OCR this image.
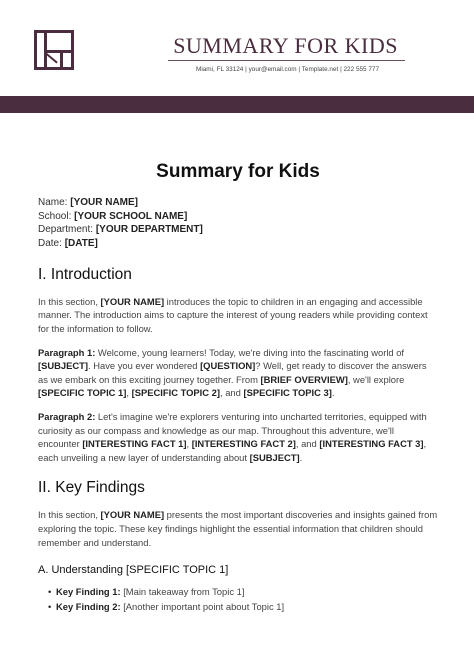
SUMMARY FOR KIDS
Miami, FL 33124 | your@email.com | Template.net | 222 555 777
Summary for Kids
Name: [YOUR NAME]
School: [YOUR SCHOOL NAME]
Department: [YOUR DEPARTMENT]
Date: [DATE]
I. Introduction

In this section, [YOUR NAME] introduces the topic to children in an engaging and accessible manner. The introduction aims to capture the interest of young readers while providing context for the information to follow.

Paragraph 1: Welcome, young learners! Today, we're diving into the fascinating world of [SUBJECT]. Have you ever wondered [QUESTION]? Well, get ready to discover the answers as we embark on this exciting journey together. From [BRIEF OVERVIEW], we'll explore [SPECIFIC TOPIC 1], [SPECIFIC TOPIC 2], and [SPECIFIC TOPIC 3].

Paragraph 2: Let's imagine we're explorers venturing into uncharted territories, equipped with curiosity as our compass and knowledge as our map. Throughout this adventure, we'll encounter [INTERESTING FACT 1], [INTERESTING FACT 2], and [INTERESTING FACT 3], each unveiling a new layer of understanding about [SUBJECT].

II. Key Findings

In this section, [YOUR NAME] presents the most important discoveries and insights gained from exploring the topic. These key findings highlight the essential information that children should remember and understand.

A. Understanding [SPECIFIC TOPIC 1]
• Key Finding 1: [Main takeaway from Topic 1]
• Key Finding 2: [Another important point about Topic 1]
